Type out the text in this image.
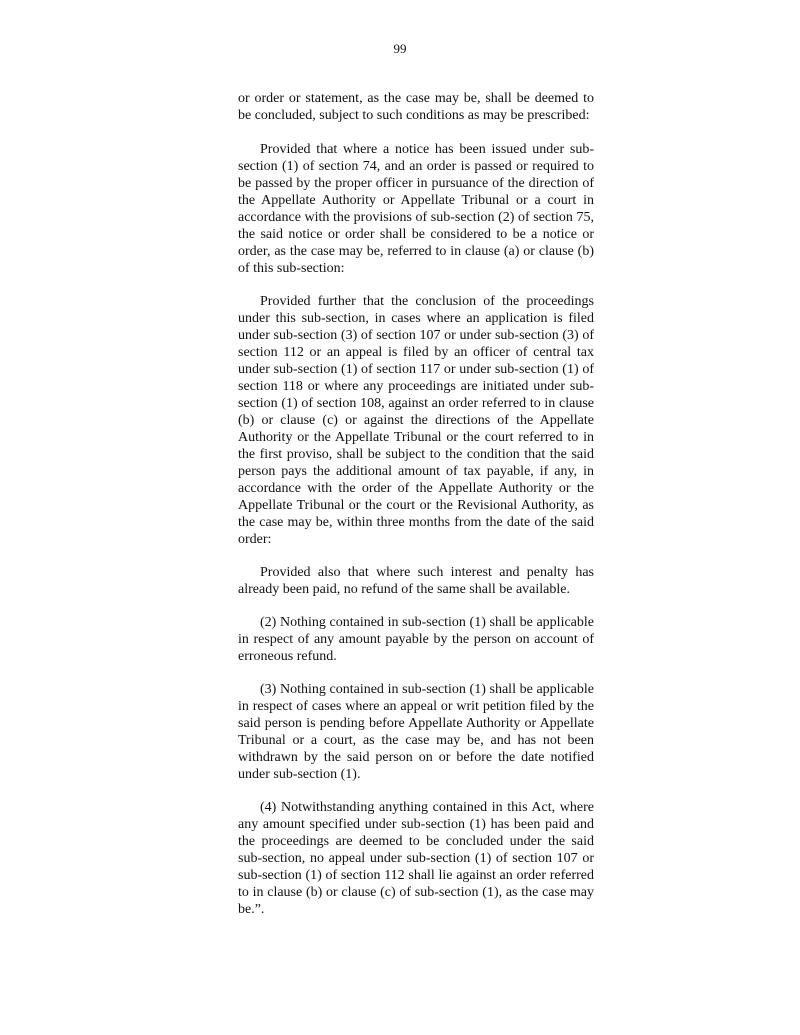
99

or order or statement, as the case may be, shall be deemed to be concluded, subject to such conditions as may be prescribed:

Provided that where a notice has been issued under sub-section (1) of section 74, and an order is passed or required to be passed by the proper officer in pursuance of the direction of the Appellate Authority or Appellate Tribunal or a court in accordance with the provisions of sub-section (2) of section 75, the said notice or order shall be considered to be a notice or order, as the case may be, referred to in clause (a) or clause (b) of this sub-section:

Provided further that the conclusion of the proceedings under this sub-section, in cases where an application is filed under sub-section (3) of section 107 or under sub-section (3) of section 112 or an appeal is filed by an officer of central tax under sub-section (1) of section 117 or under sub-section (1) of section 118 or where any proceedings are initiated under sub-section (1) of section 108, against an order referred to in clause (b) or clause (c) or against the directions of the Appellate Authority or the Appellate Tribunal or the court referred to in the first proviso, shall be subject to the condition that the said person pays the additional amount of tax payable, if any, in accordance with the order of the Appellate Authority or the Appellate Tribunal or the court or the Revisional Authority, as the case may be, within three months from the date of the said order:

Provided also that where such interest and penalty has already been paid, no refund of the same shall be available.

(2) Nothing contained in sub-section (1) shall be applicable in respect of any amount payable by the person on account of erroneous refund.

(3) Nothing contained in sub-section (1) shall be applicable in respect of cases where an appeal or writ petition filed by the said person is pending before Appellate Authority or Appellate Tribunal or a court, as the case may be, and has not been withdrawn by the said person on or before the date notified under sub-section (1).

(4) Notwithstanding anything contained in this Act, where any amount specified under sub-section (1) has been paid and the proceedings are deemed to be concluded under the said sub-section, no appeal under sub-section (1) of section 107 or sub-section (1) of section 112 shall lie against an order referred to in clause (b) or clause (c) of sub-section (1), as the case may be.”.
